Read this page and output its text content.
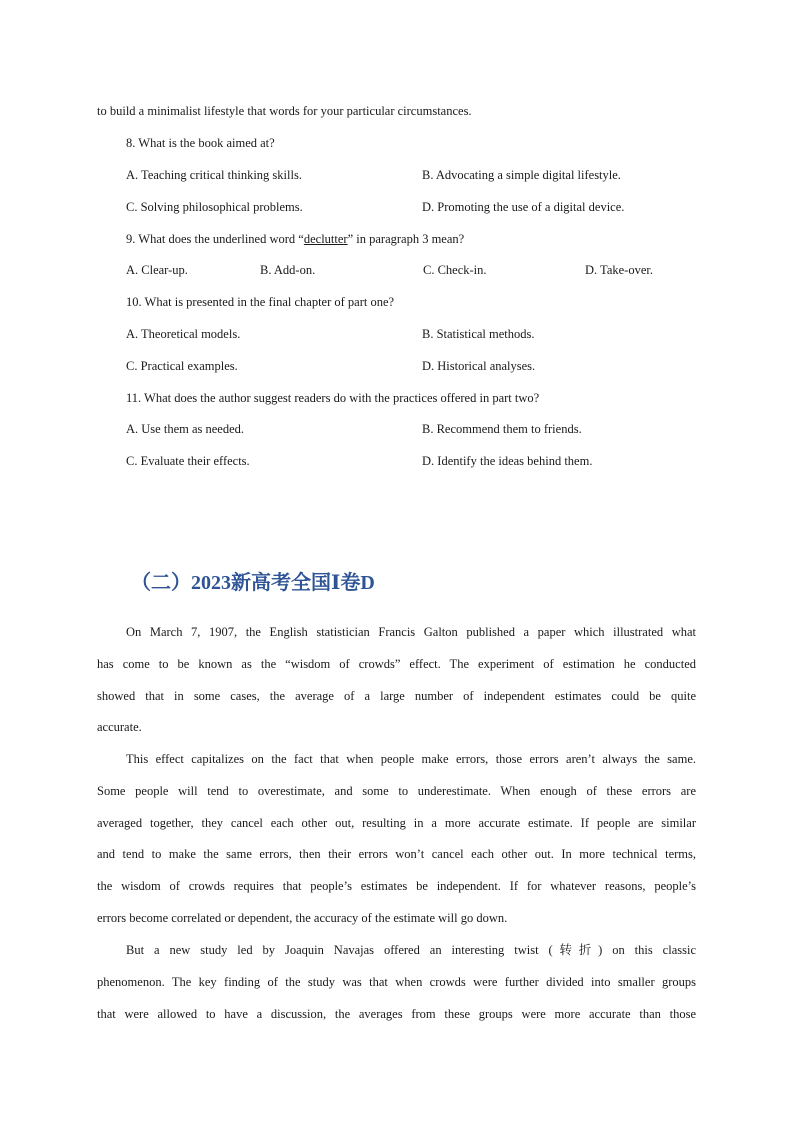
to build a minimalist lifestyle that words for your particular circumstances.
8. What is the book aimed at?
A. Teaching critical thinking skills.	B. Advocating a simple digital lifestyle.
C. Solving philosophical problems.	D. Promoting the use of a digital device.
9. What does the underlined word “declutter” in paragraph 3 mean?
A. Clear-up.	B. Add-on.	C. Check-in.	D. Take-over.
10. What is presented in the final chapter of part one?
A. Theoretical models.	B. Statistical methods.
C. Practical examples.	D. Historical analyses.
11. What does the author suggest readers do with the practices offered in part two?
A. Use them as needed.	B. Recommend them to friends.
C. Evaluate their effects.	D. Identify the ideas behind them.
（二）2023新高考全国Ⅰ卷D
On March 7, 1907, the English statistician Francis Galton published a paper which illustrated what
has come to be known as the “wisdom of crowds” effect. The experiment of estimation he conducted
showed that in some cases, the average of a large number of independent estimates could be quite
accurate.
This effect capitalizes on the fact that when people make errors, those errors aren’t always the same.
Some people will tend to overestimate, and some to underestimate. When enough of these errors are
averaged together, they cancel each other out, resulting in a more accurate estimate. If people are similar
and tend to make the same errors, then their errors won’t cancel each other out. In more technical terms,
the wisdom of crowds requires that people’s estimates be independent. If for whatever reasons, people’s
errors become correlated or dependent, the accuracy of the estimate will go down.
But a new study led by Joaquin Navajas offered an interesting twist (转折) on this classic
phenomenon. The key finding of the study was that when crowds were further divided into smaller groups
that were allowed to have a discussion, the averages from these groups were more accurate than those
